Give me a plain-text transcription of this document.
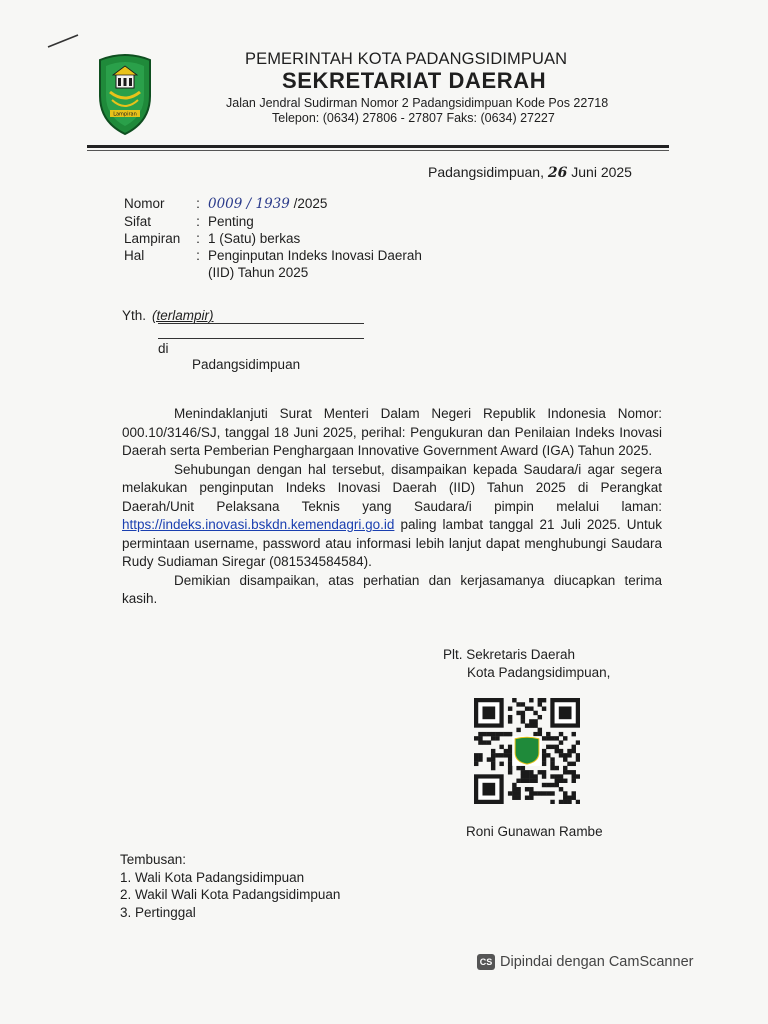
Lampiran
PEMERINTAH KOTA PADANGSIDIMPUAN
SEKRETARIAT DAERAH
Jalan Jendral Sudirman Nomor 2 Padangsidimpuan Kode Pos 22718
Telepon: (0634) 27806 - 27807 Faks: (0634) 27227
Padangsidimpuan, 26 Juni 2025
Nomor	:	0009 / 1939 /2025
Sifat	:	Penting
Lampiran	:	1 (Satu) berkas
Hal	:	Penginputan Indeks Inovasi Daerah
(IID) Tahun 2025
Yth. (terlampir)
di
Padangsidimpuan

Menindaklanjuti Surat Menteri Dalam Negeri Republik Indonesia Nomor: 000.10/3146/SJ, tanggal 18 Juni 2025, perihal: Pengukuran dan Penilaian Indeks Inovasi Daerah serta Pemberian Penghargaan Innovative Government Award (IGA) Tahun 2025.

Sehubungan dengan hal tersebut, disampaikan kepada Saudara/i agar segera melakukan penginputan Indeks Inovasi Daerah (IID) Tahun 2025 di Perangkat Daerah/Unit Pelaksana Teknis yang Saudara/i pimpin melalui laman: https://indeks.inovasi.bskdn.kemendagri.go.id paling lambat tanggal 21 Juli 2025. Untuk permintaan username, password atau informasi lebih lanjut dapat menghubungi Saudara Rudy Sudiaman Siregar (081534584584).

Demikian disampaikan, atas perhatian dan kerjasamanya diucapkan terima kasih.

Plt. Sekretaris Daerah
Kota Padangsidimpuan,
Roni Gunawan Rambe
Tembusan:
1. Wali Kota Padangsidimpuan
2. Wakil Wali Kota Padangsidimpuan
3. Pertinggal
CS Dipindai dengan CamScanner
